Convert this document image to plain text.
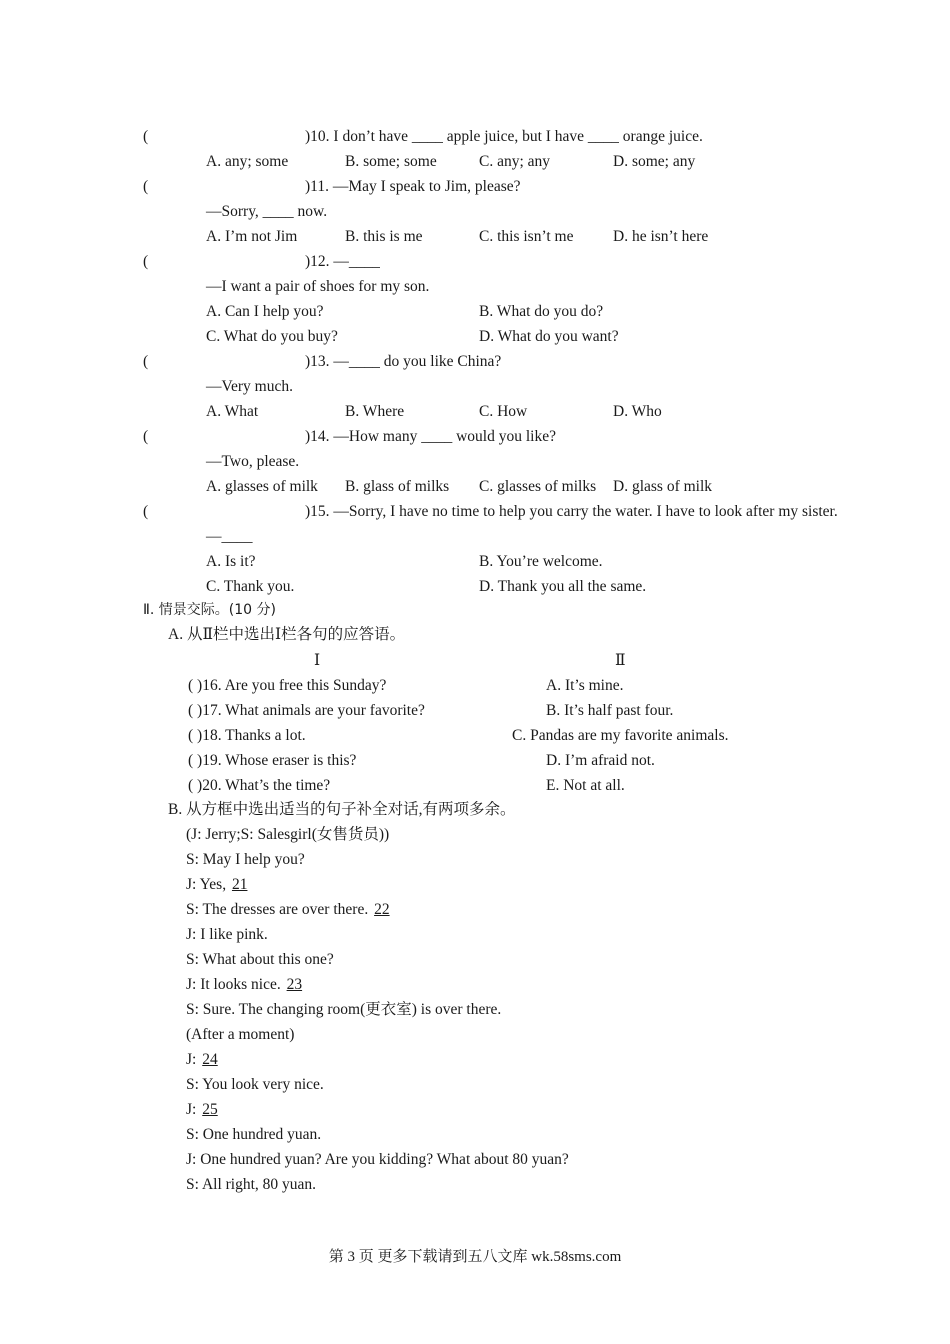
(	)10. I don’t have ____ apple juice, but I have ____ orange juice.
A. any; some	B. some; some	C. any; any	D. some; any
(	)11. —May I speak to Jim, please?
—Sorry, ____ now.
A. I’m not Jim	B. this is me	C. this isn’t me	D. he isn’t here
(	)12. —____
—I want a pair of shoes for my son.
A. Can I help you?	B. What do you do?
C. What do you buy?	D. What do you want?
(	)13. —____ do you like China?
—Very much.
A. What	B. Where	C. How	D. Who
(	)14. —How many ____ would you like?
—Two, please.
A. glasses of milk B. glass of milks C. glasses of milks D. glass of milk
(	)15. —Sorry, I have no time to help you carry the water. I have to look after my sister.
—____
A. Is it?	B. You’re welcome.
C. Thank you.	D. Thank you all the same.
Ⅱ. 情景交际。(10 分)
A. 从Ⅱ栏中选出Ⅰ栏各句的应答语。
Ⅰ	Ⅱ
( )16. Are you free this Sunday?	A. It’s mine.
( )17. What animals are your favorite?	B. It’s half past four.
( )18. Thanks a lot.	C. Pandas are my favorite animals.
( )19. Whose eraser is this?	D. I’m afraid not.
( )20. What’s the time?	E. Not at all.
B. 从方框中选出适当的句子补全对话,有两项多余。
(J: Jerry;S: Salesgirl(女售货员))
S: May I help you?
J: Yes, 21
S: The dresses are over there. 22
J: I like pink.
S: What about this one?
J: It looks nice. 23
S: Sure. The changing room(更衣室) is over there.
(After a moment)
J: 24
S: You look very nice.
J: 25
S: One hundred yuan.
J: One hundred yuan? Are you kidding? What about 80 yuan?
S: All right, 80 yuan.
第 3 页 更多下载请到五八文库 wk.58sms.com
